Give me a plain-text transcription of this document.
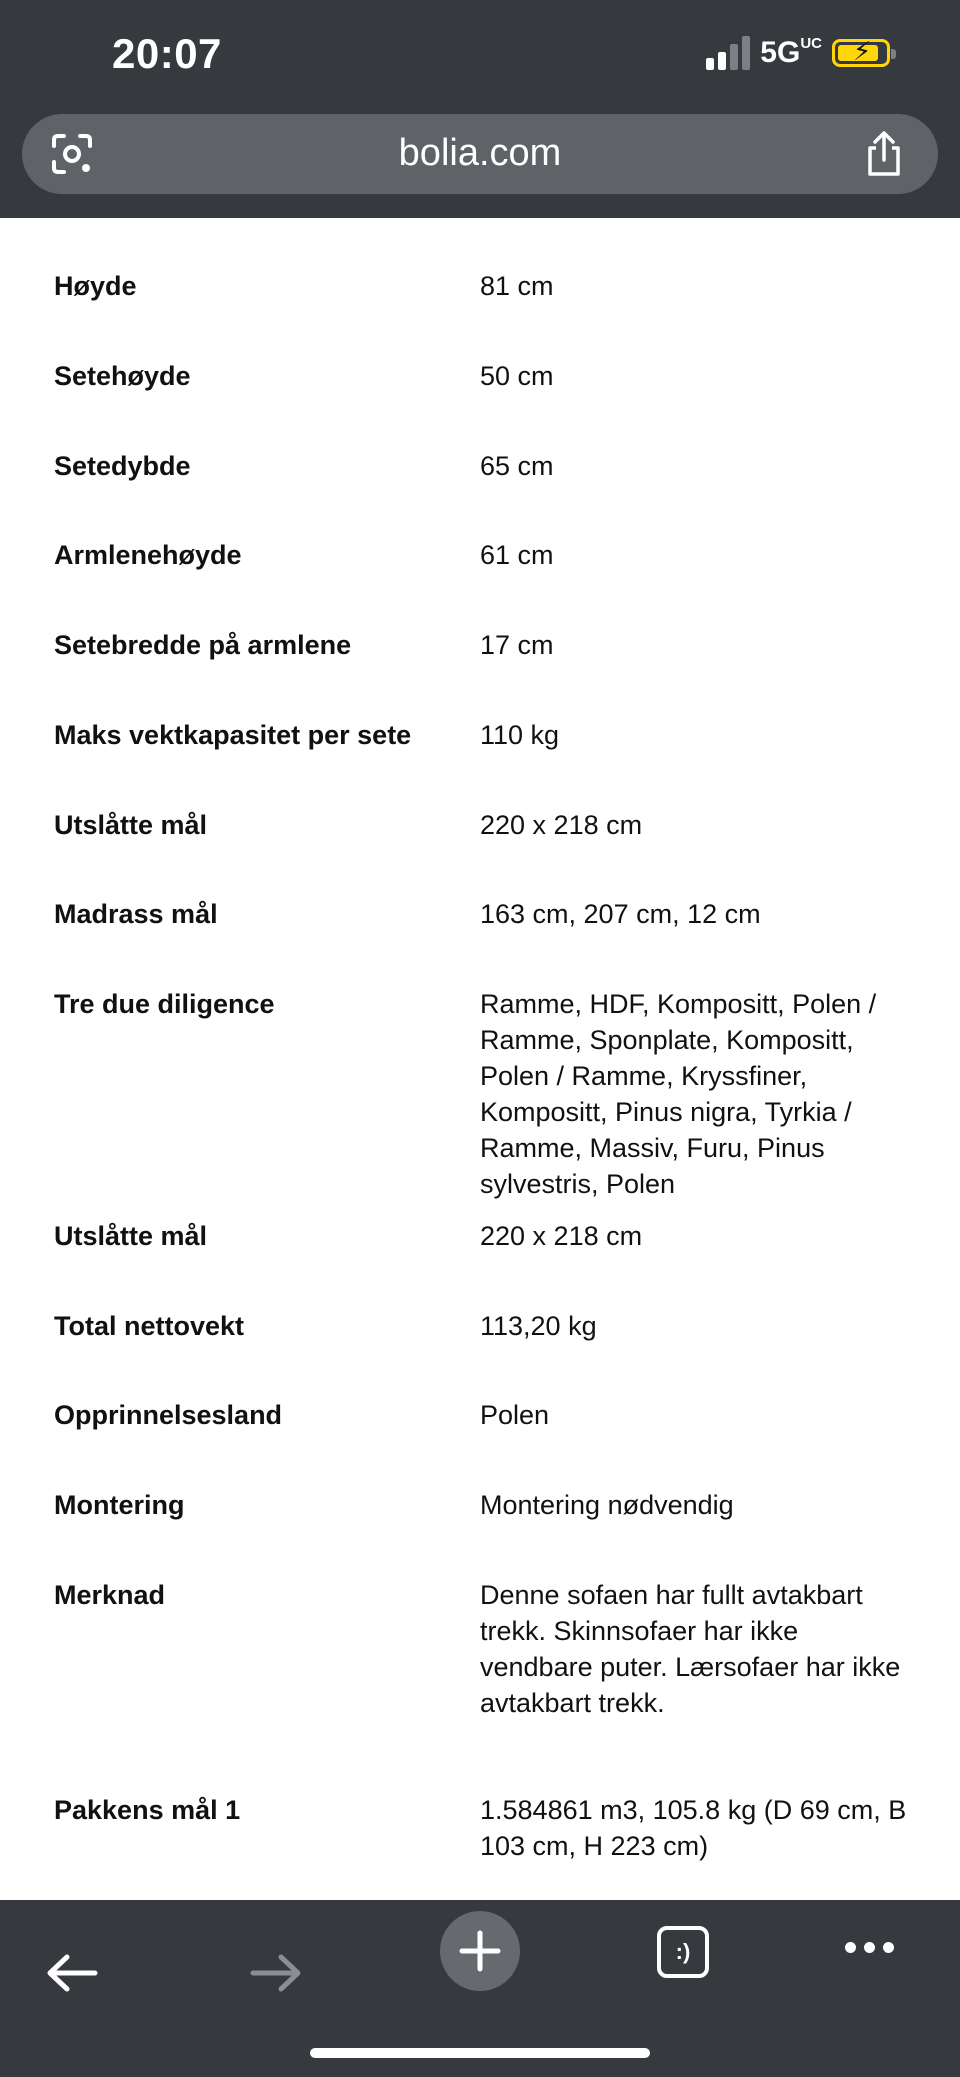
20:07	$5G^{UC}$ ⚡
bolia.com
Høyde	81 cm
Setehøyde	50 cm
Setedybde	65 cm
Armlenehøyde	61 cm
Setebredde på armlene	17 cm
Maks vektkapasitet per sete	110 kg
Utslåtte mål	220 x 218 cm
Madrass mål	163 cm, 207 cm, 12 cm
Tre due diligence	Ramme, HDF, Kompositt, Polen / Ramme, Sponplate, Kompositt, Polen / Ramme, Kryssfiner, Kompositt, Pinus nigra, Tyrkia / Ramme, Massiv, Furu, Pinus sylvestris, Polen
Utslåtte mål	220 x 218 cm
Total nettovekt	113,20 kg
Opprinnelsesland	Polen
Montering	Montering nødvendig
Merknad	Denne sofaen har fullt avtakbart trekk. Skinnsofaer har ikke vendbare puter. Lærsofaer har ikke avtakbart trekk.
Pakkens mål 1	1.584861 m3, 105.8 kg (D 69 cm, B 103 cm, H 223 cm)
:)
